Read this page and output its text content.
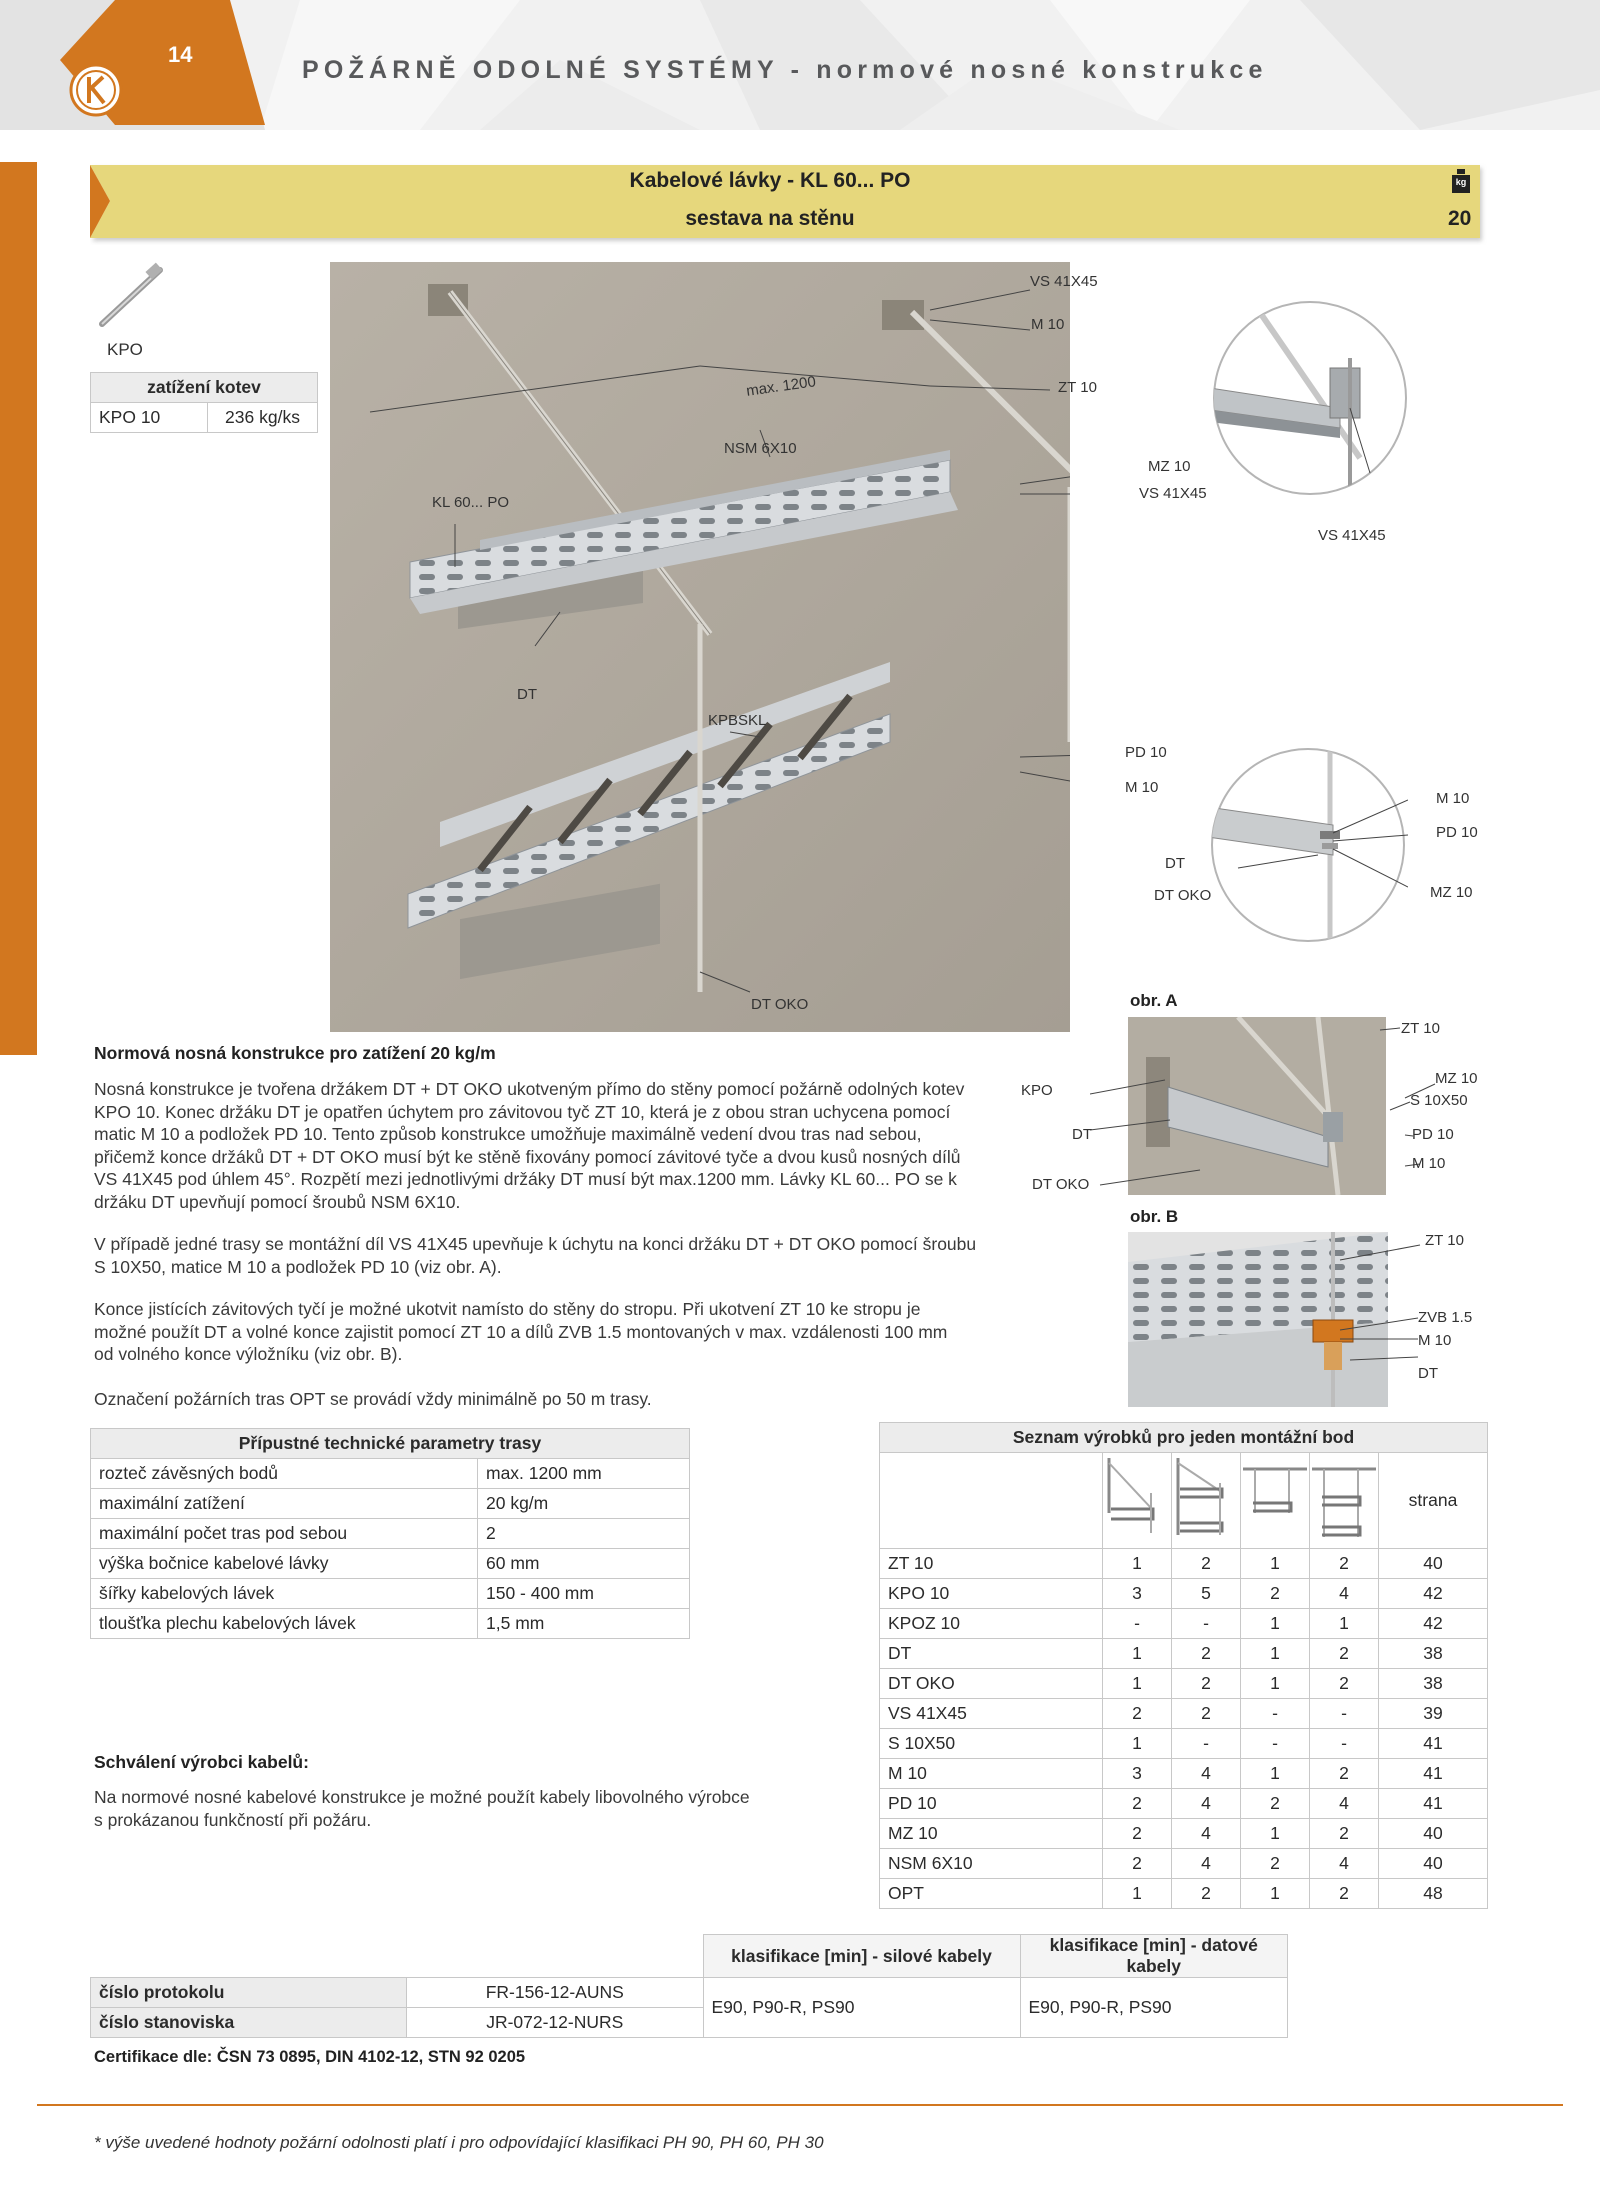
14
POŽÁRNĚ ODOLNÉ SYSTÉMY - normové nosné konstrukce
Kabelové lávky - KL 60... PO
sestava na stěnu
kg
20
KPO
zatížení kotev
KPO 10	236 kg/ks
VS 41X45
M 10
max. 1200	ZT 10
NSM 6X10
MZ 10
VS 41X45
KL 60... PO
DT
KPBSKL
PD 10
M 10
DT OKO
VS 41X45
M 10
PD 10
DT
DT OKO	MZ 10
obr. A
ZT 10
KPO
MZ 10
S 10X50
DT	PD 10
M 10
DT OKO
obr. B
ZT 10
ZVB 1.5
M 10
DT
Normová nosná konstrukce pro zatížení 20 kg/m
Nosná konstrukce je tvořena držákem DT + DT OKO ukotveným přímo do stěny pomocí požárně odolných kotev
KPO 10. Konec držáku DT je opatřen úchytem pro závitovou tyč ZT 10, která je z obou stran uchycena pomocí
matic M 10 a podložek PD 10. Tento způsob konstrukce umožňuje maximálně vedení dvou tras nad sebou,
přičemž konce držáků DT + DT OKO musí být ke stěně fixovány pomocí závitové tyče a dvou kusů nosných dílů
VS 41X45 pod úhlem 45°. Rozpětí mezi jednotlivými držáky DT musí být max.1200 mm. Lávky KL 60... PO se k
držáku DT upevňují pomocí šroubů NSM 6X10.
V případě jedné trasy se montážní díl VS 41X45 upevňuje k úchytu na konci držáku DT + DT OKO pomocí šroubu
S 10X50, matice M 10 a podložek PD 10 (viz obr. A).
Konce jistících závitových tyčí je možné ukotvit namísto do stěny do stropu. Při ukotvení ZT 10 ke stropu je
možné použít DT a volné konce zajistit pomocí ZT 10 a dílů ZVB 1.5 montovaných v max. vzdálenosti 100 mm
od volného konce výložníku (viz obr. B).
Označení požárních tras OPT se provádí vždy minimálně po 50 m trasy.
Přípustné technické parametry trasy	
rozteč závěsných bodů	max. 1200 mm
maximální zatížení	20 kg/m
maximální počet tras pod sebou	2
výška bočnice kabelové lávky	60 mm
šířky kabelových lávek	150 - 400 mm
tloušťka plechu kabelových lávek	1,5 mm
Schválení výrobci kabelů:
Na normové nosné kabelové konstrukce je možné použít kabely libovolného výrobce
s prokázanou funkčností při požáru.
Seznam výrobků pro jeden montážní bod					
					strana
ZT 10	1	2	1	2	40
KPO 10	3	5	2	4	42
KPOZ 10	-	-	1	1	42
DT	1	2	1	2	38
DT OKO	1	2	1	2	38
VS 41X45	2	2	-	-	39
S 10X50	1	-	-	-	41
M 10	3	4	1	2	41
PD 10	2	4	2	4	41
MZ 10	2	4	1	2	40
NSM 6X10	2	4	2	4	40
OPT	1	2	1	2	48
		klasifikace [min] - silové kabely	klasifikace [min] - datové kabely
číslo protokolu	FR-156-12-AUNS	E90, P90-R, PS90	E90, P90-R, PS90
číslo stanoviska	JR-072-12-NURS		
Certifikace dle: ČSN 73 0895, DIN 4102-12, STN 92 0205
* výše uvedené hodnoty požární odolnosti platí i pro odpovídající klasifikaci PH 90, PH 60, PH 30
